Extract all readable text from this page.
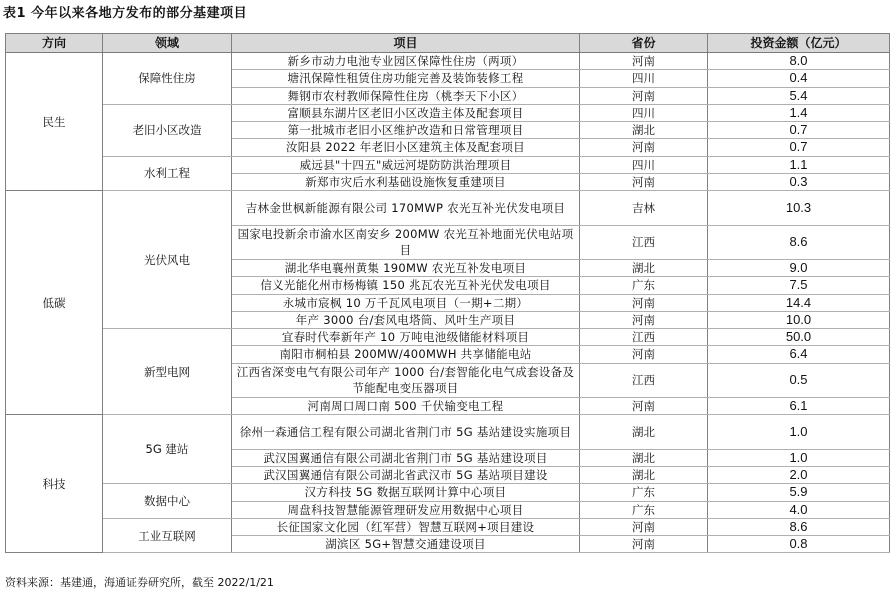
表1 今年以来各地方发布的部分基建项目
方向	领域	项目	省份	投资金额（亿元）
民生	保障性住房	新乡市动力电池专业园区保障性住房（两项）	河南	8.0
		塘汛保障性租赁住房功能完善及装饰装修工程	四川	0.4
		舞钢市农村教师保障性住房（桃李天下小区）	河南	5.4
	老旧小区改造	富顺县东湖片区老旧小区改造主体及配套项目	四川	1.4
		第一批城市老旧小区维护改造和日常管理项目	湖北	0.7
		汝阳县 2022 年老旧小区建筑主体及配套项目	河南	0.7
	水利工程	威远县"十四五"威远河堤防防洪治理项目	四川	1.1
		新郑市灾后水利基础设施恢复重建项目	河南	0.3
低碳	光伏风电	吉林金世枫新能源有限公司 170MWP 农光互补光伏发电项目	吉林	10.3
		国家电投新余市渝水区南安乡 200MW 农光互补地面光伏电站项目	江西	8.6
		湖北华电襄州黄集 190MW 农光互补发电项目	湖北	9.0
		信义光能化州市杨梅镇 150 兆瓦农光互补光伏发电项目	广东	7.5
		永城市宸枫 10 万千瓦风电项目（一期+二期）	河南	14.4
		年产 3000 台/套风电塔筒、风叶生产项目	河南	10.0
	新型电网	宜春时代奉新年产 10 万吨电池级储能材料项目	江西	50.0
		南阳市桐柏县 200MW/400MWH 共享储能电站	河南	6.4
		江西省深变电气有限公司年产 1000 台/套智能化电气成套设备及节能配电变压器项目	江西	0.5
		河南周口周口南 500 千伏输变电工程	河南	6.1
科技	5G 建站	徐州一森通信工程有限公司湖北省荆门市 5G 基站建设实施项目	湖北	1.0
		武汉国翼通信有限公司湖北省荆门市 5G 基站建设项目	湖北	1.0
		武汉国翼通信有限公司湖北省武汉市 5G 基站项目建设	湖北	2.0
	数据中心	汉方科技 5G 数据互联网计算中心项目	广东	5.9
		周盘科技智慧能源管理研发应用数据中心项目	广东	4.0
	工业互联网	长征国家文化园（红军营）智慧互联网+项目建设	河南	8.6
		湖滨区 5G+智慧交通建设项目	河南	0.8
资料来源：基建通，海通证券研究所，截至 2022/1/21
